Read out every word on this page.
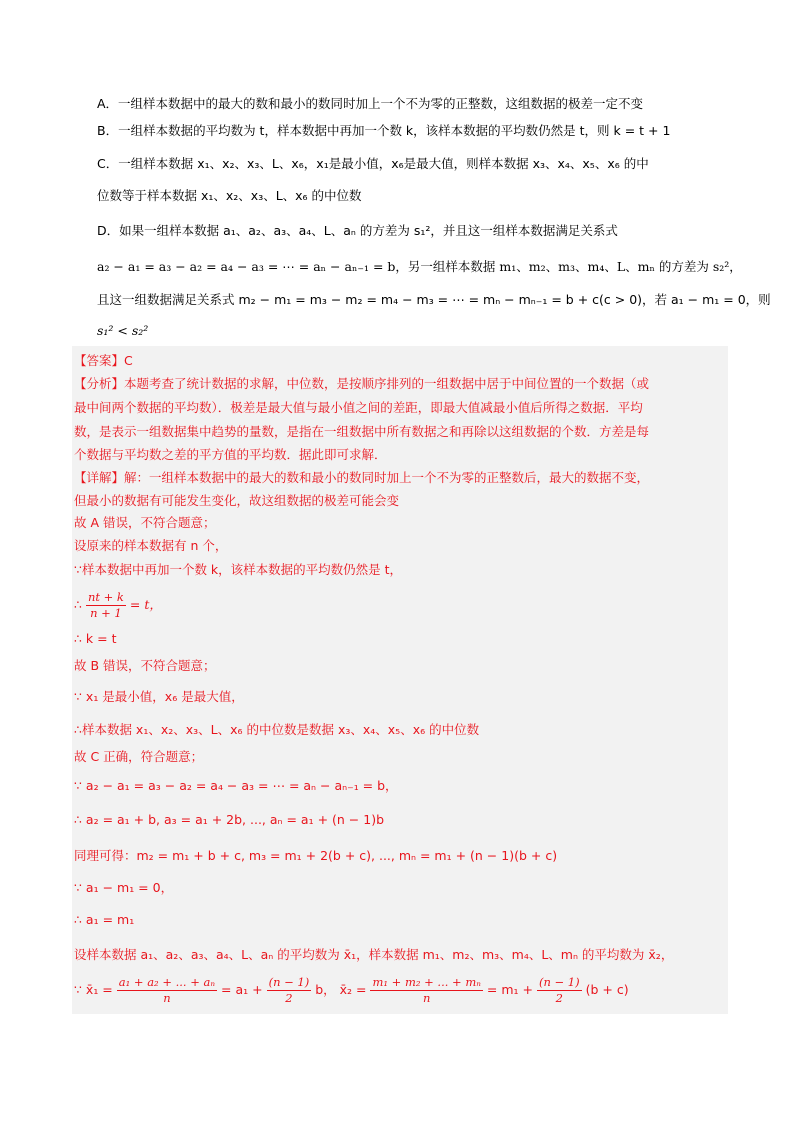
A．一组样本数据中的最大的数和最小的数同时加上一个不为零的正整数，这组数据的极差一定不变
B．一组样本数据的平均数为 t，样本数据中再加一个数 k，该样本数据的平均数仍然是 t，则 k = t + 1
C．一组样本数据 x₁、x₂、x₃、L、x₆，x₁是最小值，x₆是最大值，则样本数据 x₃、x₄、x₅、x₆ 的中
位数等于样本数据 x₁、x₂、x₃、L、x₆ 的中位数
D．如果一组样本数据 a₁、a₂、a₃、a₄、L、aₙ 的方差为 s₁²，并且这一组样本数据满足关系式
a₂ − a₁ = a₃ − a₂ = a₄ − a₃ = ⋯ = aₙ − aₙ₋₁ = b，另一组样本数据 m₁、m₂、m₃、m₄、L、mₙ 的方差为 s₂²，
且这一组数据满足关系式 m₂ − m₁ = m₃ − m₂ = m₄ − m₃ = ⋯ = mₙ − mₙ₋₁ = b + c(c > 0)，若 a₁ − m₁ = 0，则
s₁² < s₂²
【答案】C
【分析】本题考查了统计数据的求解，中位数，是按顺序排列的一组数据中居于中间位置的一个数据（或
最中间两个数据的平均数）．极差是最大值与最小值之间的差距，即最大值减最小值后所得之数据．平均
数，是表示一组数据集中趋势的量数，是指在一组数据中所有数据之和再除以这组数据的个数．方差是每
个数据与平均数之差的平方值的平均数．据此即可求解．
【详解】解：一组样本数据中的最大的数和最小的数同时加上一个不为零的正整数后，最大的数据不变，
但最小的数据有可能发生变化，故这组数据的极差可能会变
故 A 错误，不符合题意；
设原来的样本数据有 n 个，
∵样本数据中再加一个数 k，该样本数据的平均数仍然是 t，
∴ $\frac{nt + k}{n + 1} = t$，
∴ k = t
故 B 错误，不符合题意；
∵ x₁ 是最小值，x₆ 是最大值，
∴样本数据 x₁、x₂、x₃、L、x₆ 的中位数是数据 x₃、x₄、x₅、x₆ 的中位数
故 C 正确，符合题意；
∵ a₂ − a₁ = a₃ − a₂ = a₄ − a₃ = ⋯ = aₙ − aₙ₋₁ = b，
∴ a₂ = a₁ + b, a₃ = a₁ + 2b, ..., aₙ = a₁ + (n − 1)b
同理可得：m₂ = m₁ + b + c, m₃ = m₁ + 2(b + c), ..., mₙ = m₁ + (n − 1)(b + c)
∵ a₁ − m₁ = 0，
∴ a₁ = m₁
设样本数据 a₁、a₂、a₃、a₄、L、aₙ 的平均数为 x̄₁，样本数据 m₁、m₂、m₃、m₄、L、mₙ 的平均数为 x̄₂，
∵ x̄₁ = $\frac{\text{a₁ + a₂ + ... + aₙ}}{n} = a_1 + \frac{(n - 1)}{2}$ b， x̄₂ = $\frac{\text{m₁ + m₂ + ... + mₙ}}{n} = m_1 + \frac{(n - 1)}{2} (b + c)$
